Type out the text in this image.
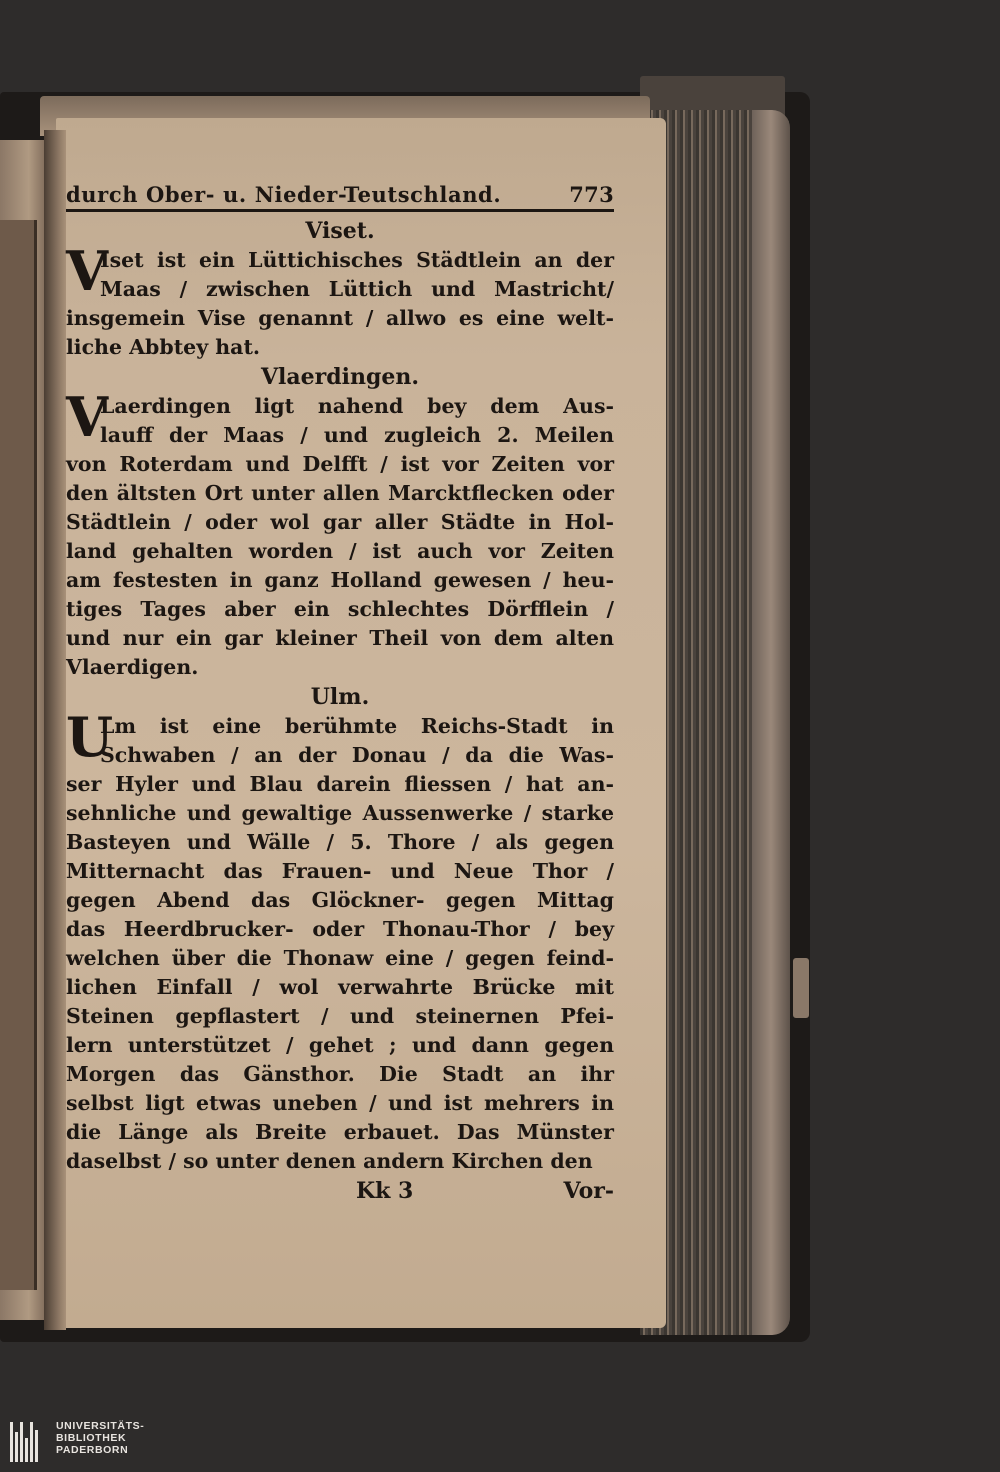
durch Ober- u. Nieder-Teutschland.	773
Viset.
V
Iset ist ein Lüttichisches Städtlein an der
Maas / zwischen Lüttich und Mastricht/
insgemein Vise genannt / allwo es eine welt-
liche Abbtey hat.
Vlaerdingen.
V
Laerdingen ligt nahend bey dem Aus-
lauff der Maas / und zugleich 2. Meilen
von Roterdam und Delfft / ist vor Zeiten vor
den ältsten Ort unter allen Marcktflecken oder
Städtlein / oder wol gar aller Städte in Hol-
land gehalten worden / ist auch vor Zeiten
am festesten in ganz Holland gewesen / heu-
tiges Tages aber ein schlechtes Dörfflein /
und nur ein gar kleiner Theil von dem alten
Vlaerdigen.
Ulm.
U
Lm ist eine berühmte Reichs-Stadt in
Schwaben / an der Donau / da die Was-
ser Hyler und Blau darein fliessen / hat an-
sehnliche und gewaltige Aussenwerke / starke
Basteyen und Wälle / 5. Thore / als gegen
Mitternacht das Frauen- und Neue Thor /
gegen Abend das Glöckner- gegen Mittag
das Heerdbrucker- oder Thonau-Thor / bey
welchen über die Thonaw eine / gegen feind-
lichen Einfall / wol verwahrte Brücke mit
Steinen gepflastert / und steinernen Pfei-
lern unterstützet / gehet ; und dann gegen
Morgen das Gänsthor. Die Stadt an ihr
selbst ligt etwas uneben / und ist mehrers in
die Länge als Breite erbauet. Das Münster
daselbst / so unter denen andern Kirchen den
Kk 3	Vor-
UNIVERSITÄTS-
BIBLIOTHEK
PADERBORN
